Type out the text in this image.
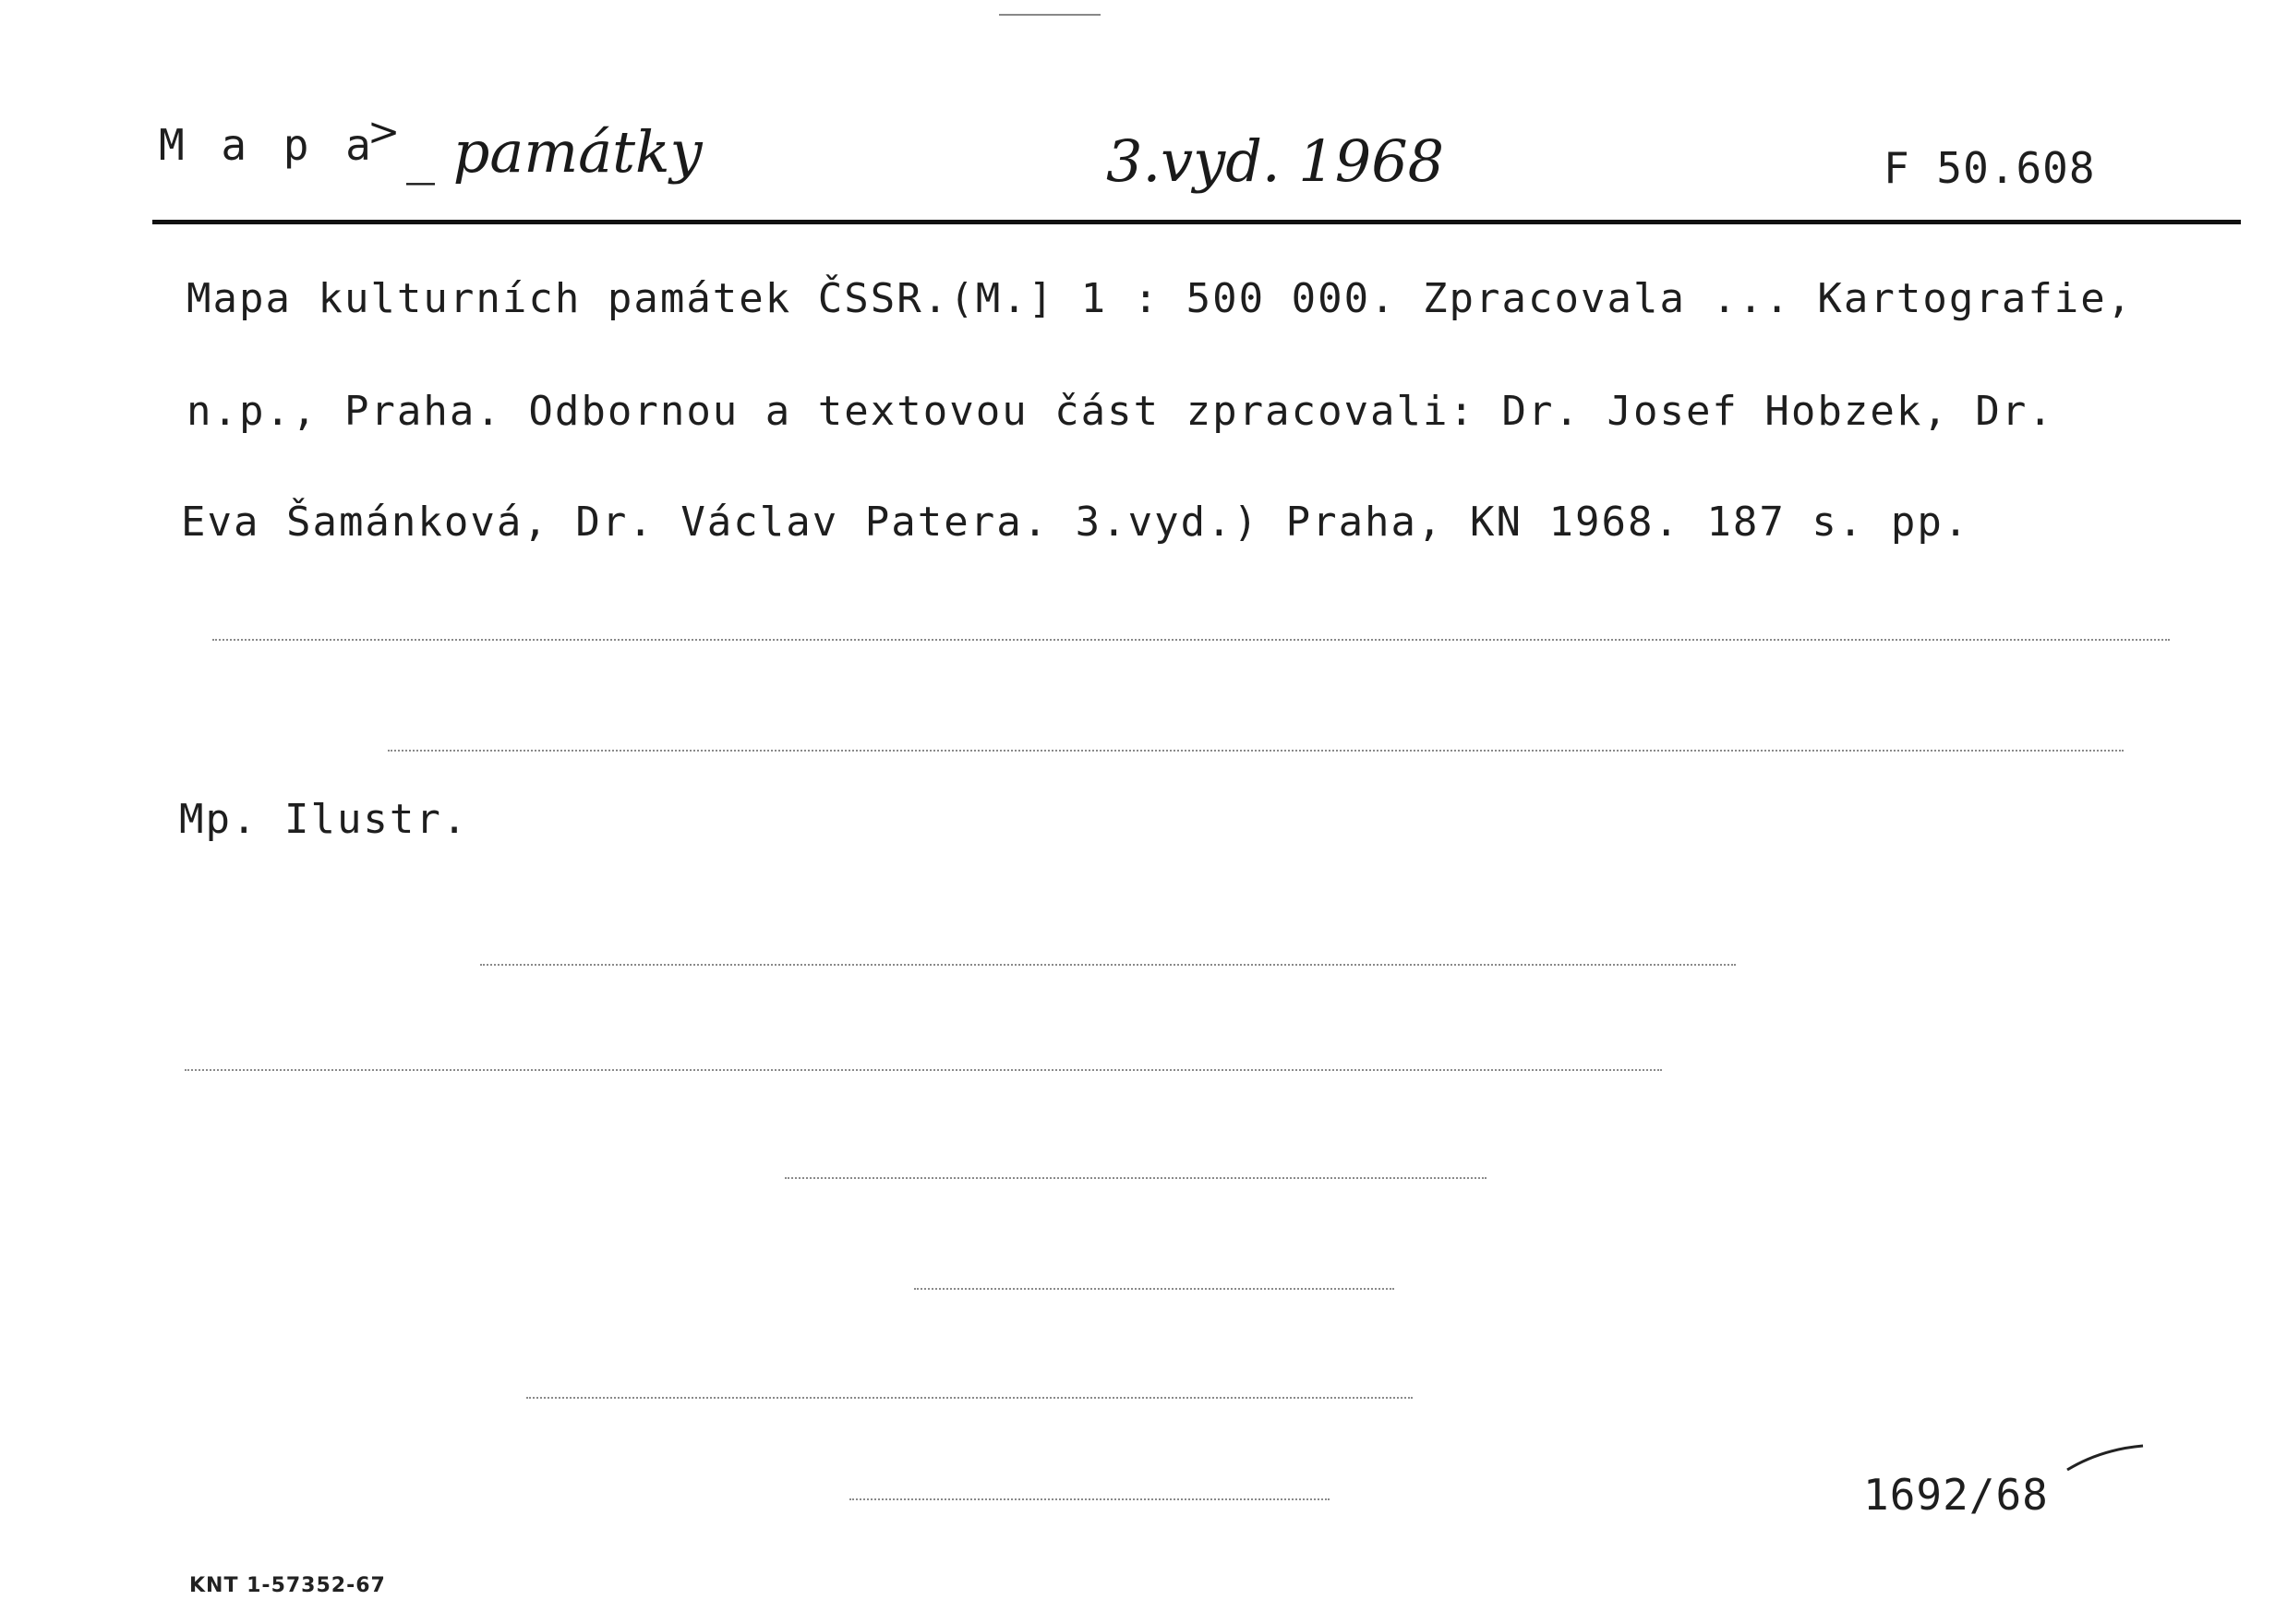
M a p a
> _ památky	3.vyd. 1968	F 50.608
Mapa kulturních památek ČSSR.(M.] 1 : 500 000. Zpracovala ... Kartografie,
n.p., Praha. Odbornou a textovou část zpracovali: Dr. Josef Hobzek, Dr.
Eva Šamánková, Dr. Václav Patera. 3.vyd.) Praha, KN 1968. 187 s. pp.
Mp. Ilustr.
1692/68
KNT 1-57352-67
